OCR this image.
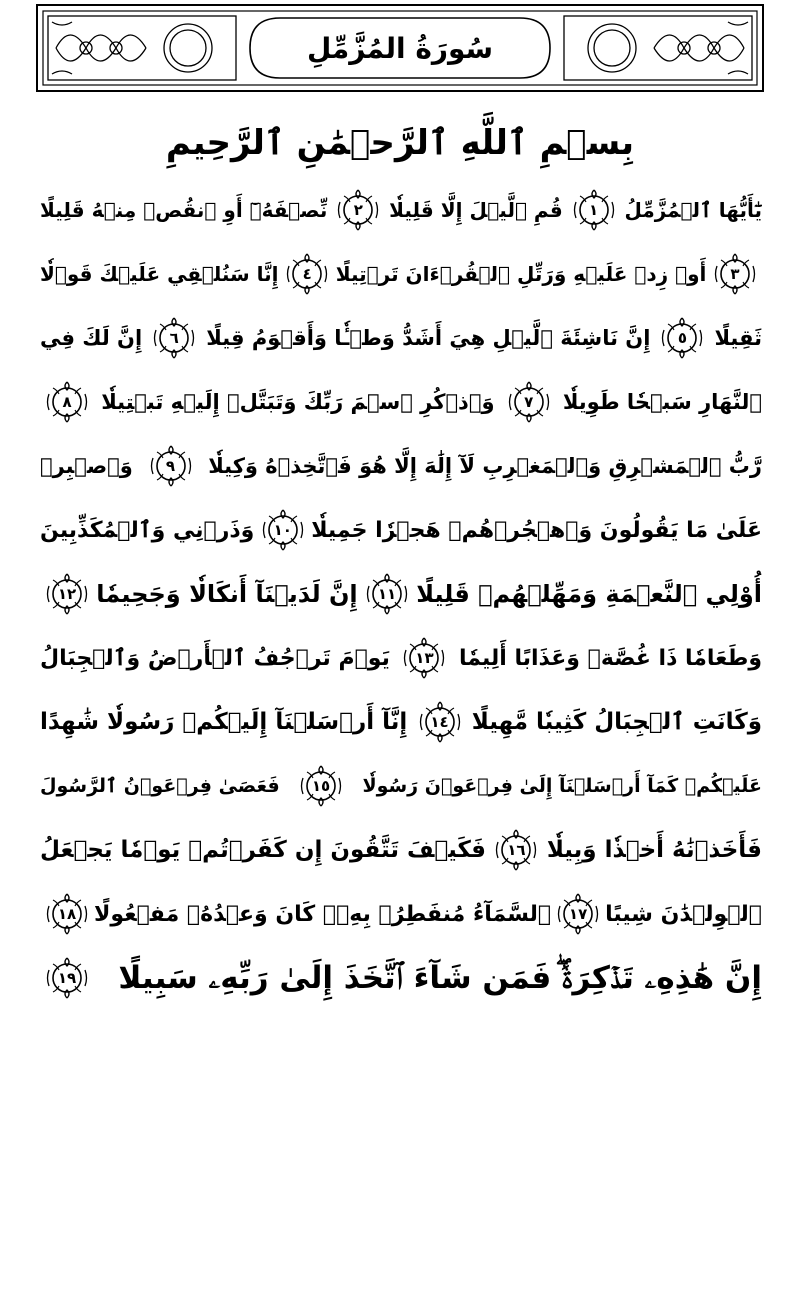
سُورَةُ المُزَّمِّلِ
بِسۡمِ ٱللَّهِ ٱلرَّحۡمَٰنِ ٱلرَّحِيمِ
يَٰٓأَيُّهَا ٱلۡمُزَّمِّلُ
١
قُمِ ٱلَّيۡلَ إِلَّا قَلِيلٗا
٢
نِّصۡفَهُۥٓ أَوِ ٱنقُصۡ مِنۡهُ قَلِيلًا
٣
أَوۡ زِدۡ عَلَيۡهِ وَرَتِّلِ ٱلۡقُرۡءَانَ تَرۡتِيلًا
٤
إِنَّا سَنُلۡقِي عَلَيۡكَ قَوۡلٗا
ثَقِيلًا
٥
إِنَّ نَاشِئَةَ ٱلَّيۡلِ هِيَ أَشَدُّ وَطۡـٔٗا وَأَقۡوَمُ قِيلًا
٦
إِنَّ لَكَ فِي
ٱلنَّهَارِ سَبۡحٗا طَوِيلٗا
٧
وَٱذۡكُرِ ٱسۡمَ رَبِّكَ وَتَبَتَّلۡ إِلَيۡهِ تَبۡتِيلٗا
٨
رَّبُّ ٱلۡمَشۡرِقِ وَٱلۡمَغۡرِبِ لَآ إِلَٰهَ إِلَّا هُوَ فَٱتَّخِذۡهُ وَكِيلٗا
٩
وَٱصۡبِرۡ
عَلَىٰ مَا يَقُولُونَ وَٱهۡجُرۡهُمۡ هَجۡرٗا جَمِيلٗا
١٠
وَذَرۡنِي وَٱلۡمُكَذِّبِينَ
أُوْلِي ٱلنَّعۡمَةِ وَمَهِّلۡهُمۡ قَلِيلًا
١١
إِنَّ لَدَيۡنَآ أَنكَالٗا وَجَحِيمٗا
١٢
وَطَعَامٗا ذَا غُصَّةٖ وَعَذَابًا أَلِيمٗا
١٣
يَوۡمَ تَرۡجُفُ ٱلۡأَرۡضُ وَٱلۡجِبَالُ
وَكَانَتِ ٱلۡجِبَالُ كَثِيبٗا مَّهِيلًا
١٤
إِنَّآ أَرۡسَلۡنَآ إِلَيۡكُمۡ رَسُولٗا شَٰهِدًا
عَلَيۡكُمۡ كَمَآ أَرۡسَلۡنَآ إِلَىٰ فِرۡعَوۡنَ رَسُولٗا
١٥
فَعَصَىٰ فِرۡعَوۡنُ ٱلرَّسُولَ
فَأَخَذۡنَٰهُ أَخۡذٗا وَبِيلٗا
١٦
فَكَيۡفَ تَتَّقُونَ إِن كَفَرۡتُمۡ يَوۡمٗا يَجۡعَلُ
ٱلۡوِلۡدَٰنَ شِيبًا
١٧
ٱلسَّمَآءُ مُنفَطِرُۢ بِهِۦۚ كَانَ وَعۡدُهُۥ مَفۡعُولًا
١٨
إِنَّ هَٰذِهِۦ تَذۡكِرَةٞۖ فَمَن شَآءَ ٱتَّخَذَ إِلَىٰ رَبِّهِۦ سَبِيلًا
١٩
